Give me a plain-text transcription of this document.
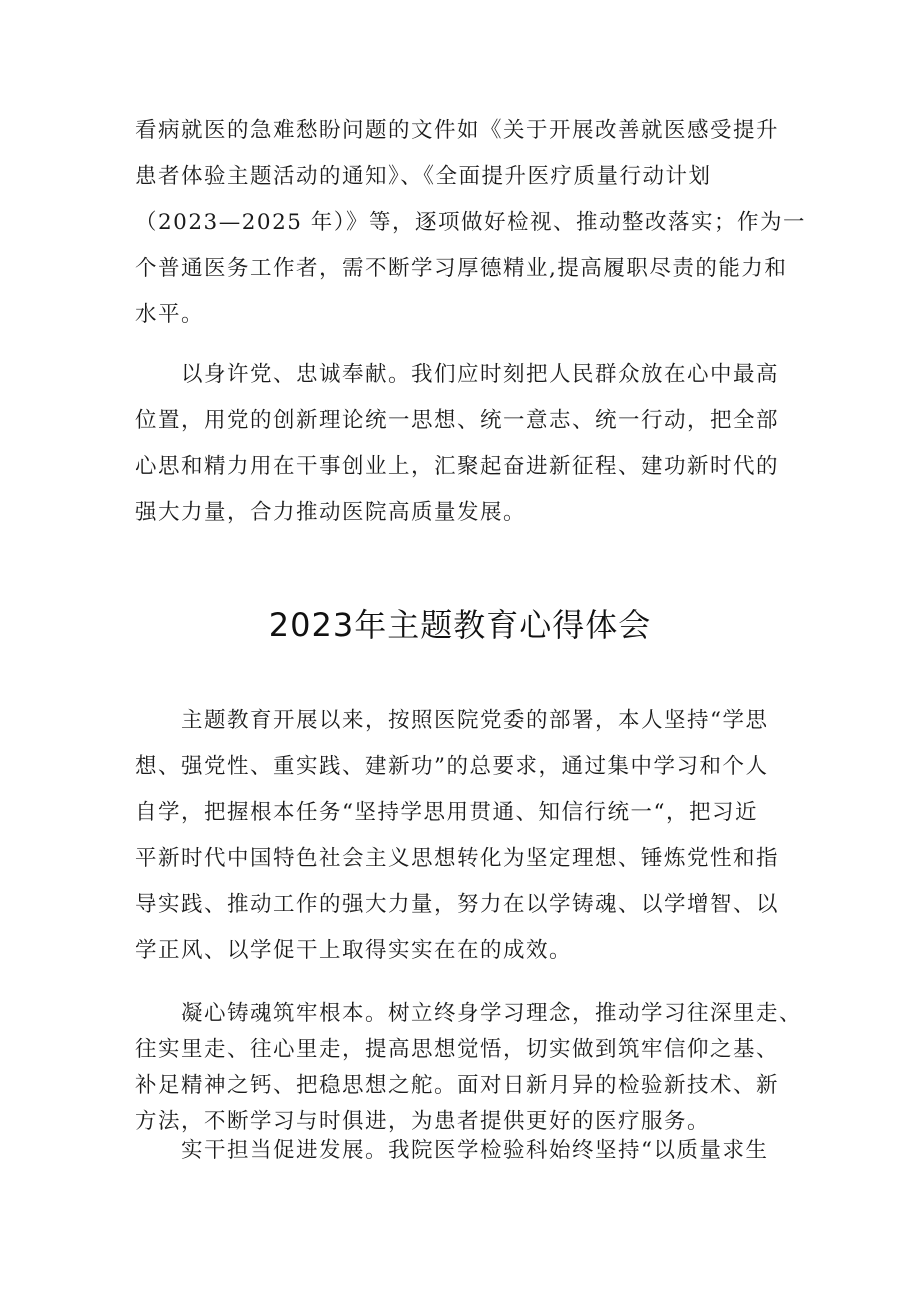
看病就医的急难愁盼问题的文件如《关于开展改善就医感受提升
患者体验主题活动的通知》、《全面提升医疗质量行动计划
（2023—2025 年）》等，逐项做好检视、推动整改落实；作为一
个普通医务工作者，需不断学习厚德精业,提高履职尽责的能力和
水平。
以身许党、忠诚奉献。我们应时刻把人民群众放在心中最高
位置，用党的创新理论统一思想、统一意志、统一行动，把全部
心思和精力用在干事创业上，汇聚起奋进新征程、建功新时代的
强大力量，合力推动医院高质量发展。
2023年主题教育心得体会
主题教育开展以来，按照医院党委的部署，本人坚持“学思
想、强党性、重实践、建新功”的总要求，通过集中学习和个人
自学，把握根本任务“坚持学思用贯通、知信行统一“，把习近
平新时代中国特色社会主义思想转化为坚定理想、锤炼党性和指
导实践、推动工作的强大力量，努力在以学铸魂、以学增智、以
学正风、以学促干上取得实实在在的成效。
凝心铸魂筑牢根本。树立终身学习理念，推动学习往深里走、
往实里走、往心里走，提高思想觉悟，切实做到筑牢信仰之基、
补足精神之钙、把稳思想之舵。面对日新月异的检验新技术、新
方法，不断学习与时俱进，为患者提供更好的医疗服务。
实干担当促进发展。我院医学检验科始终坚持“以质量求生
